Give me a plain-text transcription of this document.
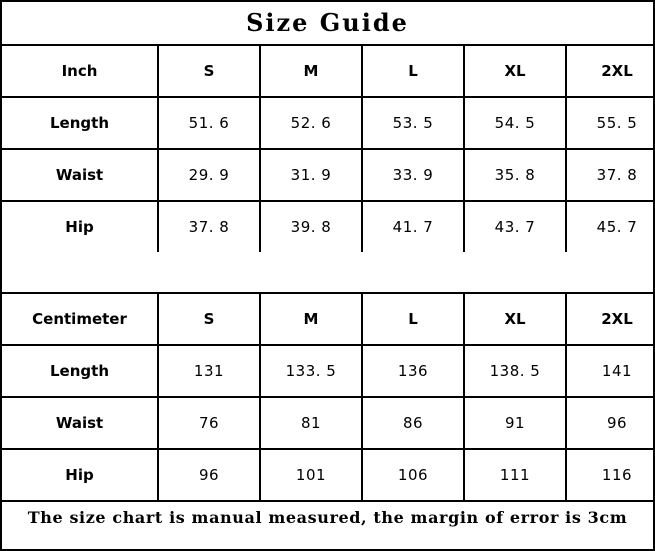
Size Guide
Inch	S	M	L	XL	2XL
Length	51. 6	52. 6	53. 5	54. 5	55. 5
Waist	29. 9	31. 9	33. 9	35. 8	37. 8
Hip	37. 8	39. 8	41. 7	43. 7	45. 7
Centimeter	S	M	L	XL	2XL
Length	131	133. 5	136	138. 5	141
Waist	76	81	86	91	96
Hip	96	101	106	111	116
The size chart is manual measured, the margin of error is 3cm
